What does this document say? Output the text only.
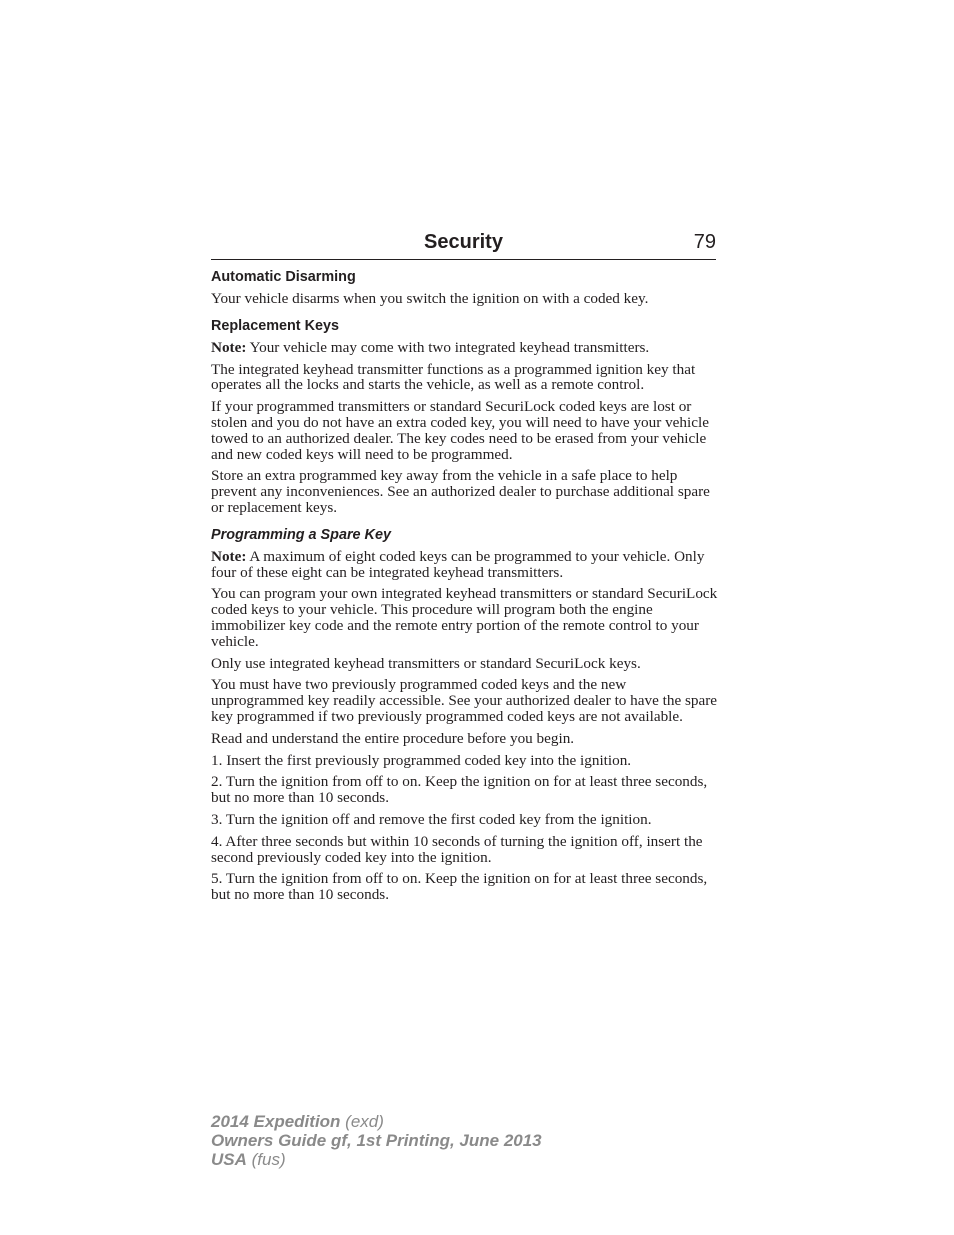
Security	79
Automatic Disarming

Your vehicle disarms when you switch the ignition on with a coded key.

Replacement Keys

Note: Your vehicle may come with two integrated keyhead transmitters.

The integrated keyhead transmitter functions as a programmed ignition key that operates all the locks and starts the vehicle, as well as a remote control.

If your programmed transmitters or standard SecuriLock coded keys are lost or stolen and you do not have an extra coded key, you will need to have your vehicle towed to an authorized dealer. The key codes need to be erased from your vehicle and new coded keys will need to be programmed.

Store an extra programmed key away from the vehicle in a safe place to help prevent any inconveniences. See an authorized dealer to purchase additional spare or replacement keys.

Programming a Spare Key

Note: A maximum of eight coded keys can be programmed to your vehicle. Only four of these eight can be integrated keyhead transmitters.

You can program your own integrated keyhead transmitters or standard SecuriLock coded keys to your vehicle. This procedure will program both the engine immobilizer key code and the remote entry portion of the remote control to your vehicle.

Only use integrated keyhead transmitters or standard SecuriLock keys.

You must have two previously programmed coded keys and the new unprogrammed key readily accessible. See your authorized dealer to have the spare key programmed if two previously programmed coded keys are not available.

Read and understand the entire procedure before you begin.

1. Insert the first previously programmed coded key into the ignition.

2. Turn the ignition from off to on. Keep the ignition on for at least three seconds, but no more than 10 seconds.

3. Turn the ignition off and remove the first coded key from the ignition.

4. After three seconds but within 10 seconds of turning the ignition off, insert the second previously coded key into the ignition.

5. Turn the ignition from off to on. Keep the ignition on for at least three seconds, but no more than 10 seconds.

2014 Expedition (exd)
Owners Guide gf, 1st Printing, June 2013
USA (fus)
